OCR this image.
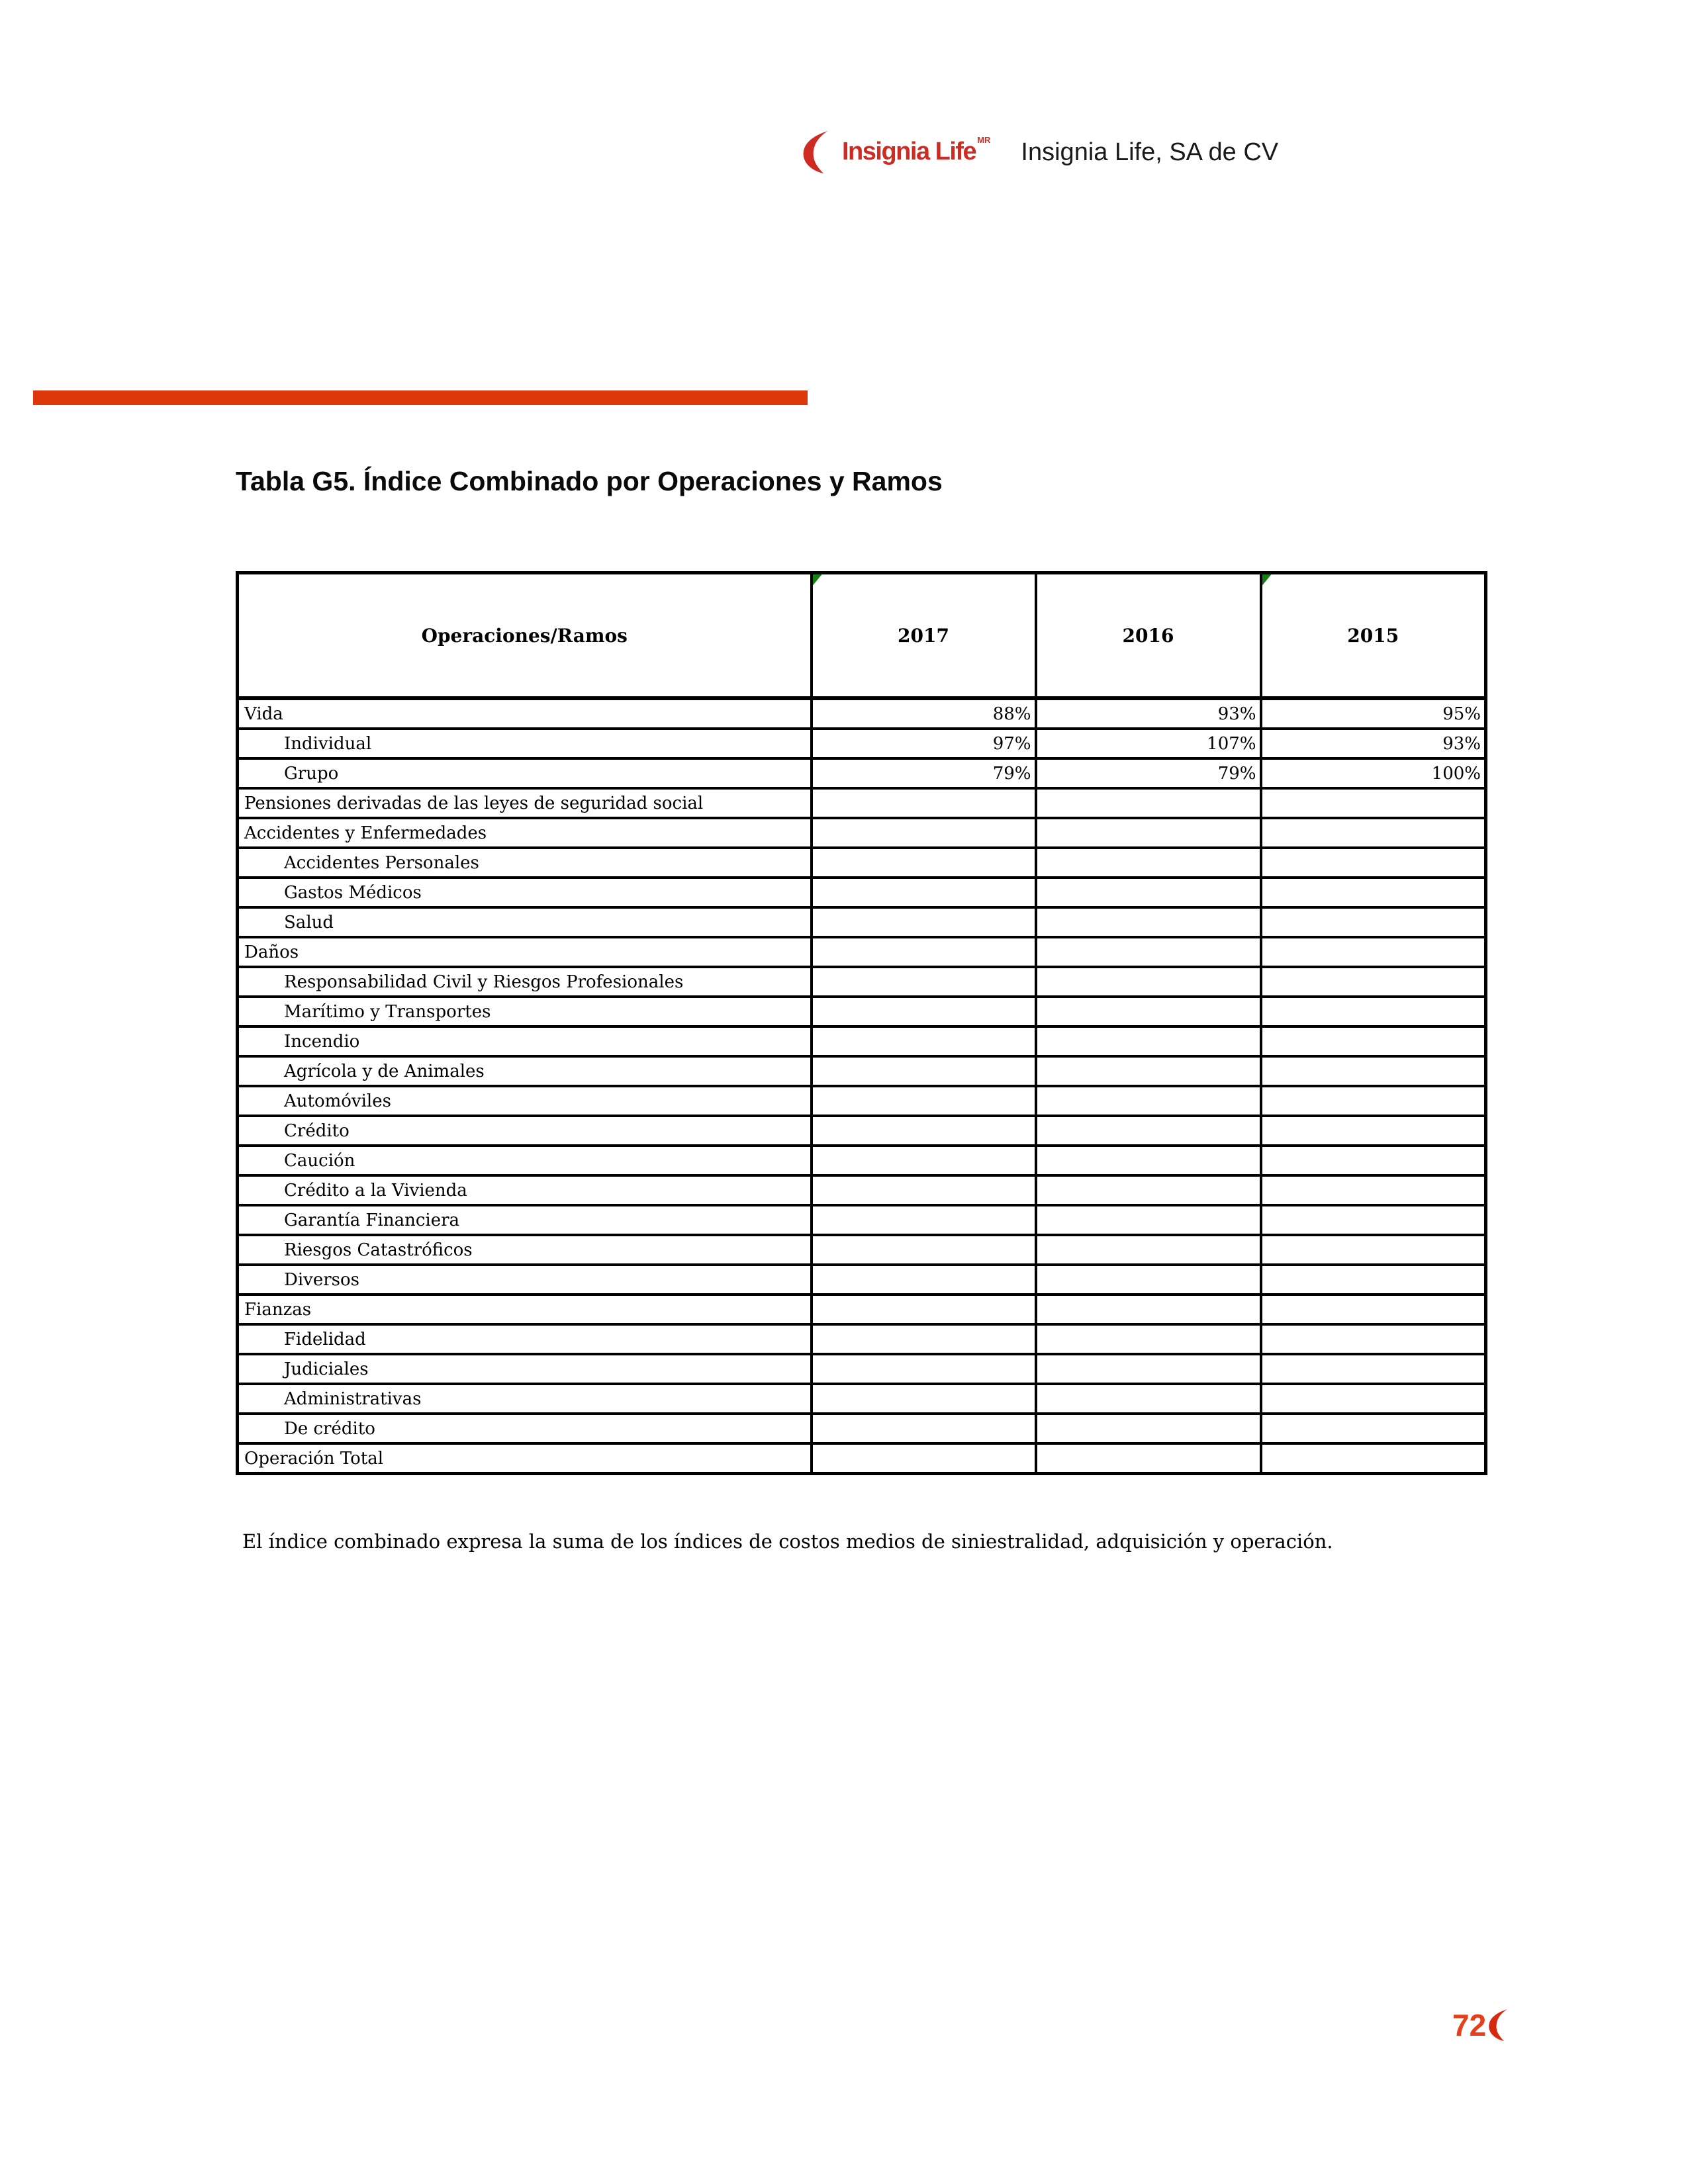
Insignia Life MR Insignia Life, SA de CV
Tabla G5. Índice Combinado por Operaciones y Ramos
Operaciones/Ramos	2017	2016	2015
Vida	88%	93%	95%
Individual	97%	107%	93%
Grupo	79%	79%	100%
Pensiones derivadas de las leyes de seguridad social			
Accidentes y Enfermedades			
Accidentes Personales			
Gastos Médicos			
Salud			
Daños			
Responsabilidad Civil y Riesgos Profesionales			
Marítimo y Transportes			
Incendio			
Agrícola y de Animales			
Automóviles			
Crédito			
Caución			
Crédito a la Vivienda			
Garantía Financiera			
Riesgos Catastróficos			
Diversos			
Fianzas			
Fidelidad			
Judiciales			
Administrativas			
De crédito			
Operación Total			

El índice combinado expresa la suma de los índices de costos medios de siniestralidad, adquisición y operación.

72
